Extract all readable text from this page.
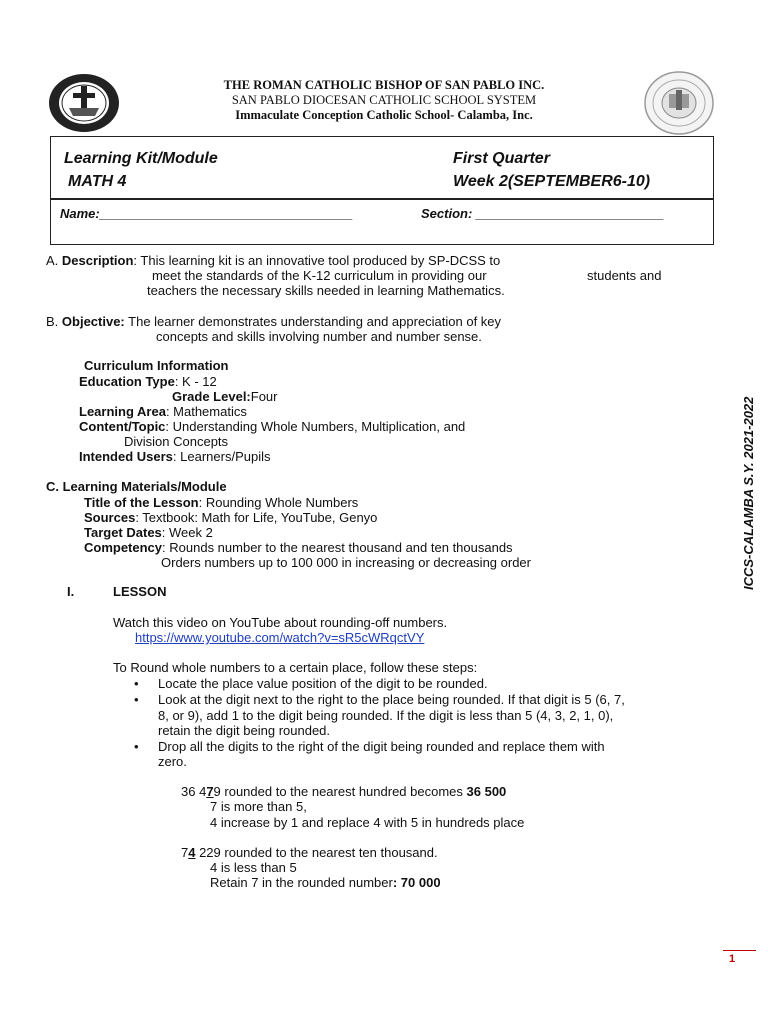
THE ROMAN CATHOLIC BISHOP OF SAN PABLO INC.
SAN PABLO DIOCESAN CATHOLIC SCHOOL SYSTEM
Immaculate Conception Catholic School- Calamba, Inc.
Learning Kit/Module
MATH 4
First Quarter
Week 2(SEPTEMBER6-10)
Name:___________________________________	Section: __________________________
A. Description: This learning kit is an innovative tool produced by SP-DCSS to
meet the standards of the K-12 curriculum in providing our	students and
teachers the necessary skills needed in learning Mathematics.
B. Objective: The learner demonstrates understanding and appreciation of key
concepts and skills involving number and number sense.
Curriculum Information
Education Type: K - 12
Grade Level:Four
Learning Area: Mathematics
Content/Topic: Understanding Whole Numbers, Multiplication, and
Division Concepts
Intended Users: Learners/Pupils
C. Learning Materials/Module
Title of the Lesson: Rounding Whole Numbers
Sources: Textbook: Math for Life, YouTube, Genyo
Target Dates: Week 2
Competency: Rounds number to the nearest thousand and ten thousands
Orders numbers up to 100 000 in increasing or decreasing order
I.	LESSON
Watch this video on YouTube about rounding-off numbers.
https://www.youtube.com/watch?v=sR5cWRqctVY
To Round whole numbers to a certain place, follow these steps:
• Locate the place value position of the digit to be rounded.
• Look at the digit next to the right to the place being rounded. If that digit is 5 (6, 7,
8, or 9), add 1 to the digit being rounded. If the digit is less than 5 (4, 3, 2, 1, 0),
retain the digit being rounded.
• Drop all the digits to the right of the digit being rounded and replace them with
zero.
36 479 rounded to the nearest hundred becomes 36 500
7 is more than 5,
4 increase by 1 and replace 4 with 5 in hundreds place
74 229 rounded to the nearest ten thousand.
4 is less than 5
Retain 7 in the rounded number: 70 000
ICCS-CALAMBA S.Y. 2021-2022
1
